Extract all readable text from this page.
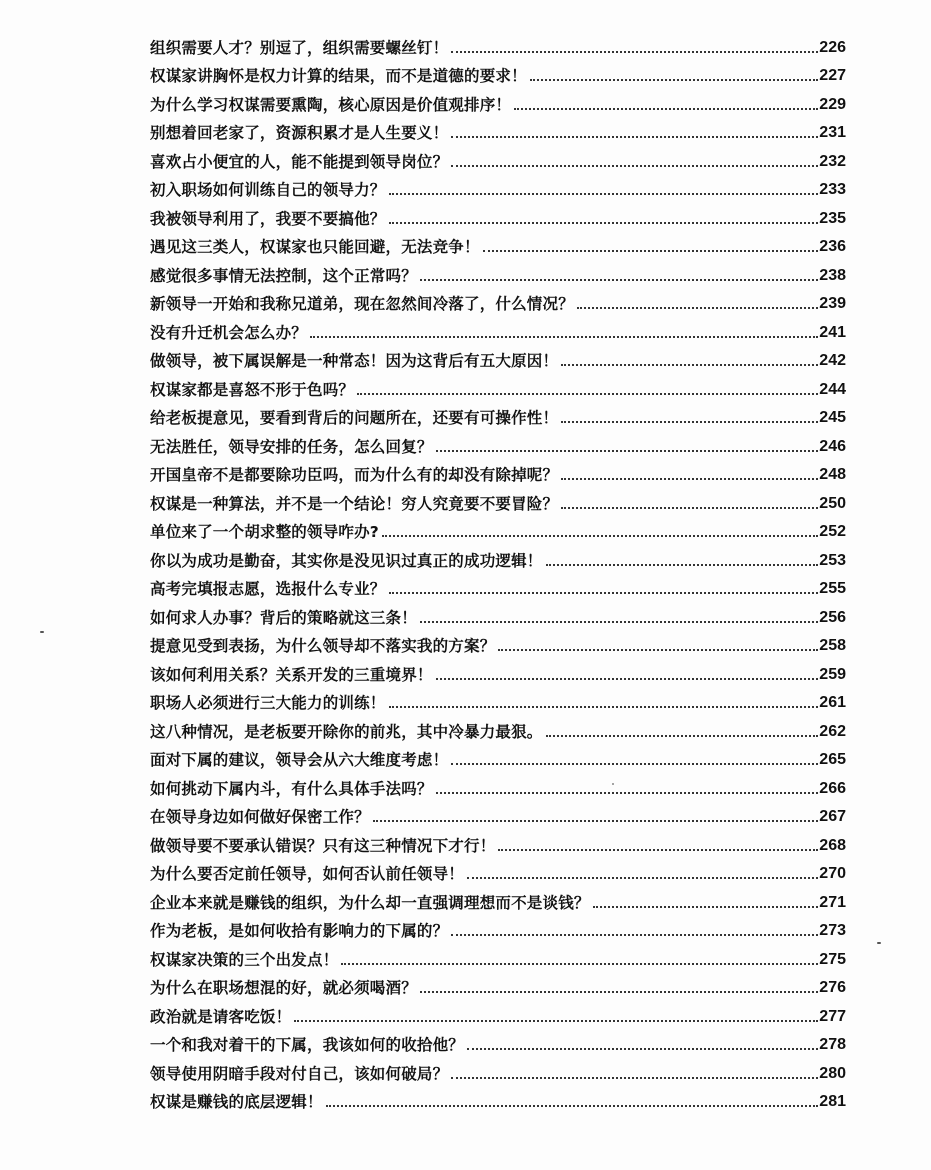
组织需要人才？别逗了，组织需要螺丝钉！	226
权谋家讲胸怀是权力计算的结果，而不是道德的要求！	227
为什么学习权谋需要熏陶，核心原因是价值观排序！	229
别想着回老家了，资源积累才是人生要义！	231
喜欢占小便宜的人，能不能提到领导岗位？	232
初入职场如何训练自己的领导力？	233
我被领导利用了，我要不要搞他？	235
遇见这三类人，权谋家也只能回避，无法竞争！	236
感觉很多事情无法控制，这个正常吗？	238
新领导一开始和我称兄道弟，现在忽然间冷落了，什么情况？	239
没有升迁机会怎么办？	241
做领导，被下属误解是一种常态！因为这背后有五大原因！	242
权谋家都是喜怒不形于色吗？	244
给老板提意见，要看到背后的问题所在，还要有可操作性！	245
无法胜任，领导安排的任务，怎么回复？	246
开国皇帝不是都要除功臣吗，而为什么有的却没有除掉呢？	248
权谋是一种算法，并不是一个结论！穷人究竟要不要冒险？	250
单位来了一个胡求整的领导咋办?	252
你以为成功是勤奋，其实你是没见识过真正的成功逻辑！	253
高考完填报志愿，选报什么专业？	255
如何求人办事？背后的策略就这三条！	256
提意见受到表扬，为什么领导却不落实我的方案？	258
该如何利用关系？关系开发的三重境界！	259
职场人必须进行三大能力的训练！	261
这八种情况，是老板要开除你的前兆，其中冷暴力最狠。	262
面对下属的建议，领导会从六大维度考虑！	265
如何挑动下属内斗，有什么具体手法吗？	266
在领导身边如何做好保密工作？	267
做领导要不要承认错误？只有这三种情况下才行！	268
为什么要否定前任领导，如何否认前任领导！	270
企业本来就是赚钱的组织，为什么却一直强调理想而不是谈钱？	271
作为老板，是如何收拾有影响力的下属的？	273
权谋家决策的三个出发点！	275
为什么在职场想混的好，就必须喝酒？	276
政治就是请客吃饭！	277
一个和我对着干的下属，我该如何的收拾他？	278
领导使用阴暗手段对付自己，该如何破局？	280
权谋是赚钱的底层逻辑！	281
